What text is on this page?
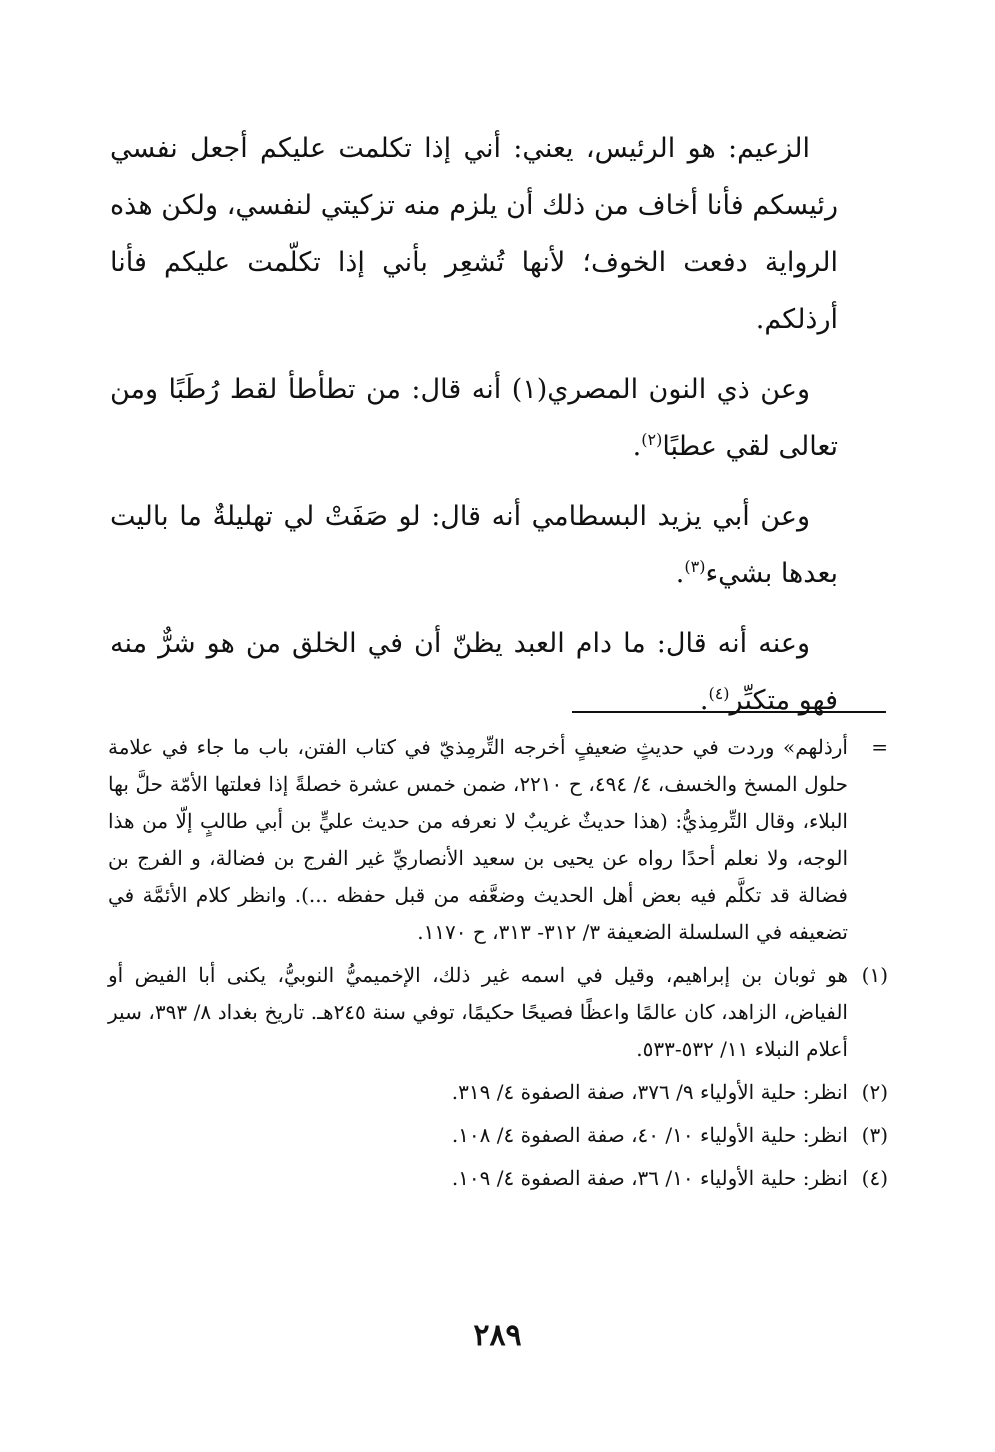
الزعيم: هو الرئيس، يعني: أني إذا تكلمت عليكم أجعل نفسي رئيسكم فأنا أخاف من ذلك أن يلزم منه تزكيتي لنفسي، ولكن هذه الرواية دفعت الخوف؛ لأنها تُشعِر بأني إذا تكلّمت عليكم فأنا أرذلكم.

وعن ذي النون المصري(١) أنه قال: من تطأطأ لقط رُطَبًا ومن تعالى لقي عطبًا$^{(٢)}$.

وعن أبي يزيد البسطامي أنه قال: لو صَفَتْ لي تهليلةٌ ما باليت بعدها بشيء$^{(٣)}$.

وعنه أنه قال: ما دام العبد يظنّ أن في الخلق من هو شرٌّ منه فهو متكبِّر$^{(٤)}$.

=
أرذلهم» وردت في حديثٍ ضعيفٍ أخرجه التِّرمِذيّ في كتاب الفتن، باب ما جاء في علامة حلول المسخ والخسف، ٤/ ٤٩٤، ح ٢٢١٠، ضمن خمس عشرة خصلةً إذا فعلتها الأمّة حلَّ بها البلاء، وقال التِّرمِذيُّ: (هذا حديثٌ غريبٌ لا نعرفه من حديث عليٍّ بن أبي طالبٍ إلّا من هذا الوجه، ولا نعلم أحدًا رواه عن يحيى بن سعيد الأنصاريِّ غير الفرج بن فضالة، و الفرج بن فضالة قد تكلَّم فيه بعض أهل الحديث وضعَّفه من قبل حفظه ...). وانظر كلام الأئمَّة في تضعيفه في السلسلة الضعيفة ٣/ ٣١٢- ٣١٣، ح ١١٧٠.
(١)
هو ثوبان بن إبراهيم، وقيل في اسمه غير ذلك، الإخميميُّ النوبيُّ، يكنى أبا الفيض أو الفياض، الزاهد، كان عالمًا واعظًا فصيحًا حكيمًا، توفي سنة ٢٤٥هـ. تاريخ بغداد ٨/ ٣٩٣، سير أعلام النبلاء ١١/ ٥٣٢-٥٣٣.
(٢)
انظر: حلية الأولياء ٩/ ٣٧٦، صفة الصفوة ٤/ ٣١٩.
(٣)
انظر: حلية الأولياء ١٠/ ٤٠، صفة الصفوة ٤/ ١٠٨.
(٤)
انظر: حلية الأولياء ١٠/ ٣٦، صفة الصفوة ٤/ ١٠٩.
٢٨٩
